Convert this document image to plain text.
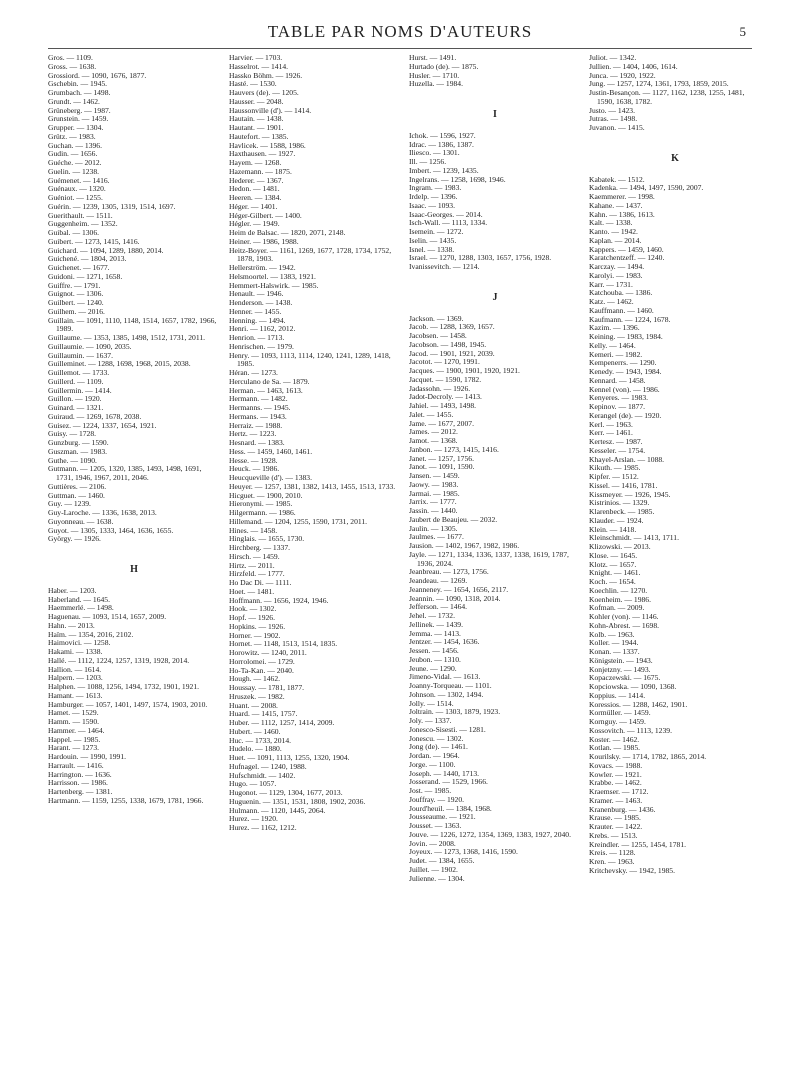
TABLE PAR NOMS D'AUTEURS	5
Gros. — 1109.
Gross. — 1638.
Grossiord. — 1090, 1676, 1877.
Gschebin. — 1945.
Grumbach. — 1498.
Grundt. — 1462.
Grüneberg. — 1987.
Grunstein. — 1459.
Grupper. — 1304.
Grütz. — 1983.
Guchan. — 1396.
Gudin. — 1656.
Guéche. — 2012.
Guelin. — 1238.
Guémenet. — 1416.
Guénaux. — 1320.
Guéniot. — 1255.
Guérin. — 1239, 1305, 1319, 1514, 1697.
Guerithault. — 1511.
Guggenheim. — 1352.
Guibal. — 1306.
Guibert. — 1273, 1415, 1416.
Guichard. — 1094, 1289, 1880, 2014.
Guichené. — 1804, 2013.
Guichenet. — 1677.
Guidoni. — 1271, 1658.
Guiffre. — 1791.
Guignot. — 1306.
Guilbert. — 1240.
Guilhem. — 2016.
Guillain. — 1091, 1110, 1148, 1514, 1657, 1782, 1966, 1989.
Guillaume. — 1353, 1385, 1498, 1512, 1731, 2011.
Guillaumie. — 1090, 2035.
Guillaumin. — 1637.
Guilleminet. — 1288, 1698, 1968, 2015, 2038.
Guillemot. — 1733.
Guillerd. — 1109.
Guillermin. — 1414.
Guillon. — 1920.
Guinard. — 1321.
Guiraud. — 1269, 1678, 2038.
Guisez. — 1224, 1337, 1654, 1921.
Guisy. — 1728.
Gunzburg. — 1590.
Guszman. — 1983.
Guthe. — 1090.
Gutmann. — 1205, 1320, 1385, 1493, 1498, 1691, 1731, 1946, 1967, 2011, 2046.
Guttières. — 2106.
Guttman. — 1460.
Guy. — 1239.
Guy-Laroche. — 1336, 1638, 2013.
Guyonneau. — 1638.
Guyot. — 1305, 1333, 1464, 1636, 1655.
György. — 1926.
H
Haber. — 1203.
Haberland. — 1645.
Haemmerlé. — 1498.
Haguenau. — 1093, 1514, 1657, 2009.
Hahn. — 2013.
Haïm. — 1354, 2016, 2102.
Haimovici. — 1258.
Hakami. — 1338.
Hallé. — 1112, 1224, 1257, 1319, 1928, 2014.
Hallion. — 1614.
Halpern. — 1203.
Halphen. — 1088, 1256, 1494, 1732, 1901, 1921.
Hamant. — 1613.
Hamburger. — 1057, 1401, 1497, 1574, 1903, 2010.
Hamet. — 1529.
Hamm. — 1590.
Hammer. — 1464.
Happel. — 1985.
Harant. — 1273.
Hardouin. — 1990, 1991.
Harrault. — 1416.
Harrington. — 1636.
Harrisson. — 1986.
Hartenberg. — 1381.
Hartmann. — 1159, 1255, 1338, 1679, 1781, 1966.
Harvier. — 1703.
Hasselrot. — 1414.
Hassko Böhm. — 1926.
Hasté. — 1530.
Hauvers (de). — 1205.
Hausser. — 2048.
Haussonville (d'). — 1414.
Hautain. — 1438.
Hautant. — 1901.
Hautefort. — 1385.
Havlicek. — 1588, 1986.
Haxthausen. — 1927.
Hayem. — 1268.
Hazemann. — 1875.
Hederer. — 1367.
Hedon. — 1481.
Heeren. — 1384.
Héger. — 1401.
Héger-Gilbert. — 1400.
Hégler. — 1949.
Heim de Balsac. — 1820, 2071, 2148.
Heiner. — 1986, 1988.
Heitz-Boyer. — 1161, 1269, 1677, 1728, 1734, 1752, 1878, 1903.
Hellerström. — 1942.
Helsmoortel. — 1383, 1921.
Hemmert-Halswirk. — 1985.
Henault. — 1946.
Henderson. — 1438.
Henner. — 1455.
Henning. — 1494.
Henri. — 1162, 2012.
Henrion. — 1713.
Henrischen. — 1979.
Henry. — 1093, 1113, 1114, 1240, 1241, 1289, 1418, 1985.
Héran. — 1273.
Herculano de Sa. — 1879.
Herman. — 1463, 1613.
Hermann. — 1482.
Hermanns. — 1945.
Hermans. — 1943.
Herraiz. — 1988.
Hertz. — 1223.
Hesnard. — 1383.
Hess. — 1459, 1460, 1461.
Hesse. — 1928.
Heuck. — 1986.
Heucqueville (d'). — 1383.
Heuyer. — 1257, 1381, 1382, 1413, 1455, 1513, 1733.
Hicguet. — 1900, 2010.
Hieronymi. — 1985.
Hilgermann. — 1986.
Hillemand. — 1204, 1255, 1590, 1731, 2011.
Hines. — 1458.
Hinglais. — 1655, 1730.
Hirchberg. — 1337.
Hirsch. — 1459.
Hirtz. — 2011.
Hirzfeld. — 1777.
Ho Dac Di. — 1111.
Hoet. — 1481.
Hoffmann. — 1656, 1924, 1946.
Hook. — 1302.
Hopf. — 1926.
Hopkins. — 1926.
Horner. — 1902.
Hornet. — 1148, 1513, 1514, 1835.
Horowitz. — 1240, 2011.
Horrolomei. — 1729.
Ho-Ta-Kan. — 2040.
Hough. — 1462.
Houssay. — 1781, 1877.
Hruszek. — 1982.
Huant. — 2008.
Huard. — 1415, 1757.
Huber. — 1112, 1257, 1414, 2009.
Hubert. — 1460.
Huc. — 1733, 2014.
Hudelo. — 1880.
Huet. — 1091, 1113, 1255, 1320, 1904.
Hufnagel. — 1240, 1988.
Hufschmidt. — 1402.
Hugo. — 1057.
Hugonot. — 1129, 1304, 1677, 2013.
Huguenin. — 1351, 1531, 1808, 1902, 2036.
Hulmann. — 1120, 1445, 2064.
Hurez. — 1920.
Hurez. — 1162, 1212.
Hurst. — 1491.
Hurtado (de). — 1875.
Husler. — 1710.
Huzella. — 1984.
I
Ichok. — 1596, 1927.
Idrac. — 1386, 1387.
Iliesco. — 1301.
Ill. — 1256.
Imbert. — 1239, 1435.
Ingelrans. — 1258, 1698, 1946.
Ingram. — 1983.
Irdelp. — 1396.
Isaac. — 1093.
Isaac-Georges. — 2014.
Isch-Wall. — 1113, 1334.
Isemein. — 1272.
Iselin. — 1435.
Isnel. — 1338.
Israel. — 1270, 1288, 1303, 1657, 1756, 1928.
Ivanissevitch. — 1214.
J
Jackson. — 1369.
Jacob. — 1288, 1369, 1657.
Jacobsen. — 1458.
Jacobson. — 1498, 1945.
Jacod. — 1901, 1921, 2039.
Jacotot. — 1270, 1991.
Jacques. — 1900, 1901, 1920, 1921.
Jacquet. — 1590, 1782.
Jadassohn. — 1926.
Jadot-Decroly. — 1413.
Jahiel. — 1493, 1498.
Jalet. — 1455.
Jame. — 1677, 2007.
James. — 2012.
Jamot. — 1368.
Janbon. — 1273, 1415, 1416.
Janet. — 1257, 1756.
Janot. — 1091, 1590.
Jansen. — 1459.
Jaowy. — 1983.
Jarmai. — 1985.
Jarrix. — 1777.
Jassin. — 1440.
Jaubert de Beaujeu. — 2032.
Jaulin. — 1305.
Jaulmes. — 1677.
Jausion. — 1402, 1967, 1982, 1986.
Jayle. — 1271, 1334, 1336, 1337, 1338, 1619, 1787, 1936, 2024.
Jeanbreau. — 1273, 1756.
Jeandeau. — 1269.
Jeanneney. — 1654, 1656, 2117.
Jeannin. — 1090, 1318, 2014.
Jefferson. — 1464.
Jehel. — 1732.
Jellinek. — 1439.
Jemma. — 1413.
Jentzer. — 1454, 1636.
Jessen. — 1456.
Jeubon. — 1310.
Jeune. — 1290.
Jimeno-Vidal. — 1613.
Joanny-Torqueau. — 1101.
Johnson. — 1302, 1494.
Jolly. — 1514.
Joltrain. — 1303, 1879, 1923.
Joly. — 1337.
Jonesco-Sisesti. — 1281.
Jonescu. — 1302.
Jong (de). — 1461.
Jordan. — 1964.
Jorge. — 1100.
Joseph. — 1440, 1713.
Josserand. — 1529, 1966.
Jost. — 1985.
Jouffray. — 1920.
Jourd'heuil. — 1384, 1968.
Jousseaume. — 1921.
Jousset. — 1363.
Jouve. — 1226, 1272, 1354, 1369, 1383, 1927, 2040.
Jovin. — 2008.
Joyeux. — 1273, 1368, 1416, 1590.
Judet. — 1384, 1655.
Juillet. — 1902.
Julienne. — 1304.
Juliot. — 1342.
Jullien. — 1404, 1406, 1614.
Junca. — 1920, 1922.
Jung. — 1257, 1274, 1361, 1793, 1859, 2015.
Justin-Besançon. — 1127, 1162, 1238, 1255, 1481, 1590, 1638, 1782.
Justo. — 1423.
Jutras. — 1498.
Juvanon. — 1415.
K
Kabatek. — 1512.
Kadenka. — 1494, 1497, 1590, 2007.
Kaemmerer. — 1998.
Kahane. — 1437.
Kahn. — 1386, 1613.
Kalt. — 1338.
Kanto. — 1942.
Kaplan. — 2014.
Kappers. — 1459, 1460.
Karatchentzeff. — 1240.
Karczay. — 1494.
Karolyi. — 1983.
Karr. — 1731.
Katchouba. — 1386.
Katz. — 1462.
Kauffmann. — 1460.
Kaufmann. — 1224, 1678.
Kazim. — 1396.
Keining. — 1983, 1984.
Kelly. — 1464.
Kemeri. — 1982.
Kempenerrs. — 1290.
Kenedy. — 1943, 1984.
Kennard. — 1458.
Kennel (von). — 1986.
Kenyeres. — 1983.
Kepinov. — 1877.
Kerangel (de). — 1920.
Kerl. — 1963.
Kerr. — 1461.
Kertesz. — 1987.
Kesseler. — 1754.
Khayel-Arslan. — 1088.
Kikuth. — 1985.
Kipfer. — 1512.
Kissel. — 1416, 1781.
Kissmeyer. — 1926, 1945.
Kistrinios. — 1329.
Klarenbeck. — 1985.
Klauder. — 1924.
Klein. — 1418.
Kleinschmidt. — 1413, 1711.
Klizowski. — 2013.
Klose. — 1645.
Klotz. — 1657.
Knight. — 1461.
Koch. — 1654.
Koechlin. — 1270.
Koenheim. — 1986.
Kofman. — 2009.
Kohler (von). — 1146.
Kohn-Abrest. — 1698.
Kolb. — 1963.
Koller. — 1944.
Konan. — 1337.
Königstein. — 1943.
Konjetzny. — 1493.
Kopaczewski. — 1675.
Kopciowska. — 1090, 1368.
Koppius. — 1414.
Koressios. — 1288, 1462, 1901.
Kormüller. — 1459.
Kornguy. — 1459.
Kossovitch. — 1113, 1239.
Koster. — 1462.
Kotlan. — 1985.
Kourilsky. — 1714, 1782, 1865, 2014.
Kovacs. — 1988.
Kowler. — 1921.
Krabbe. — 1462.
Kraemser. — 1712.
Kramer. — 1463.
Kranenburg. — 1436.
Krause. — 1985.
Krauter. — 1422.
Krebs. — 1513.
Kreindler. — 1255, 1454, 1781.
Kreis. — 1128.
Kren. — 1963.
Kritchevsky. — 1942, 1985.
